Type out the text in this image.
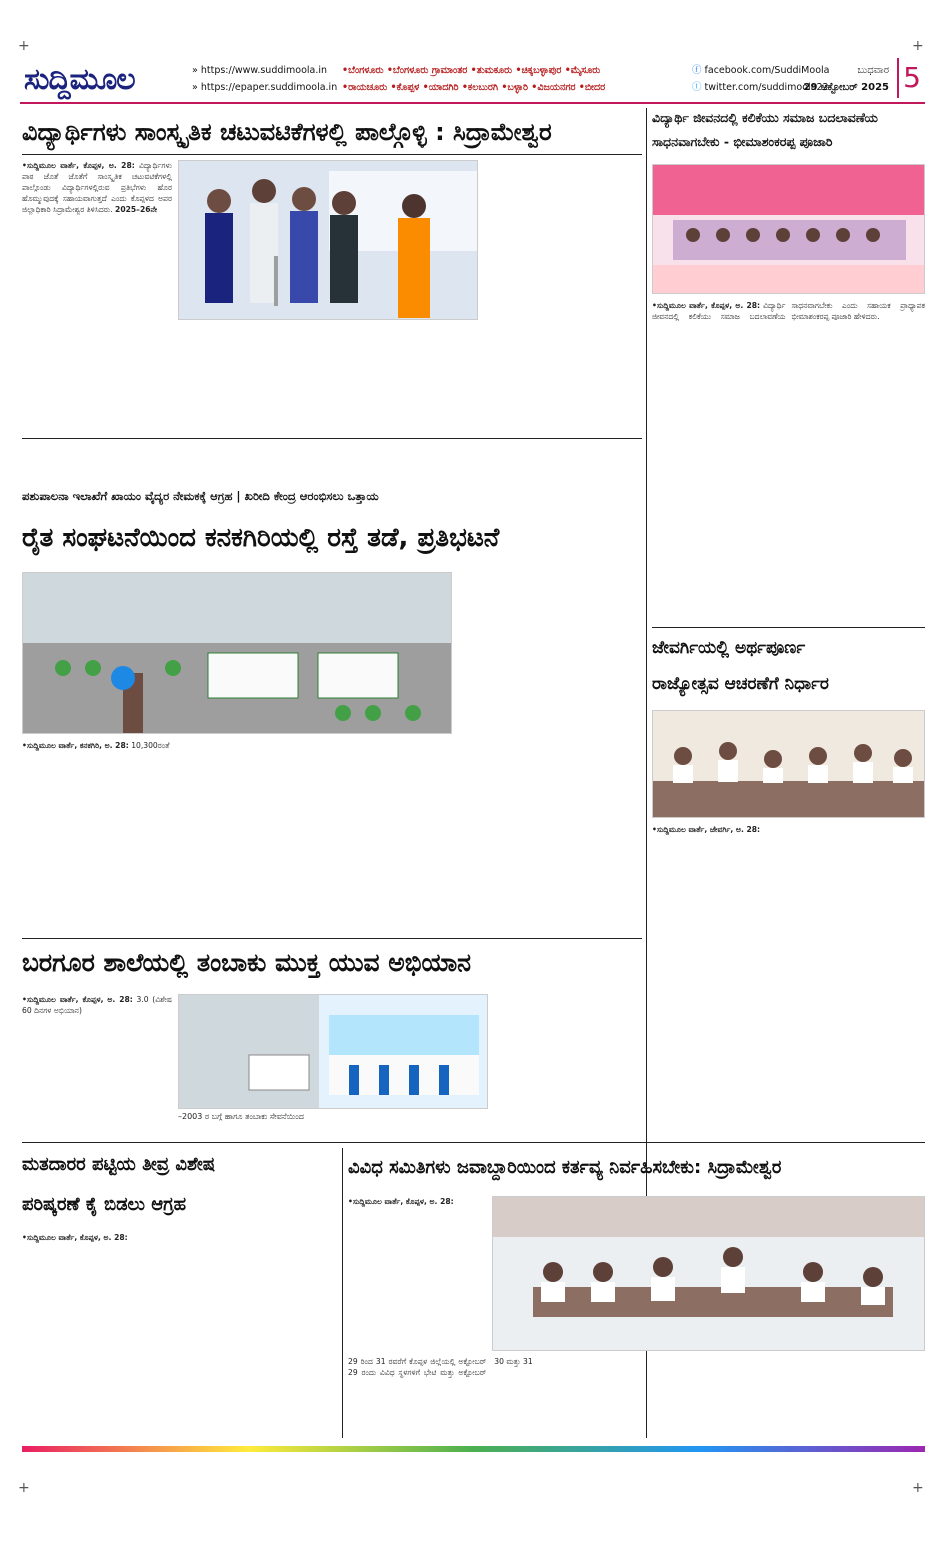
+	+
+	+
ಸುದ್ದಿಮೂಲ	» https://www.suddimoola.in
» https://epaper.suddimoola.in
•ಬೆಂಗಳೂರು •ಬೆಂಗಳೂರು ಗ್ರಾಮಾಂತರ •ತುಮಕೂರು •ಚಿಕ್ಕಬಳ್ಳಾಪುರ •ಮೈಸೂರು
•ರಾಯಚೂರು •ಕೊಪ್ಪಳ •ಯಾದಗಿರಿ •ಕಲಬುರಗಿ •ಬಳ್ಳಾರಿ •ವಿಜಯನಗರ •ಬೀದರ
ⓕ facebook.com/SuddiMoola
ⓣ twitter.com/suddimoola22
ಬುಧವಾರ
29 ಅಕ್ಟೋಬರ್ 2025 5
ವಿದ್ಯಾರ್ಥಿಗಳು ಸಾಂಸ್ಕೃತಿಕ ಚಟುವಟಿಕೆಗಳಲ್ಲಿ ಪಾಲ್ಗೊಳ್ಳಿ : ಸಿದ್ರಾಮೇಶ್ವರ
•ಸುದ್ದಿಮೂಲ ವಾರ್ತೆ, ಕೊಪ್ಪಳ, ಅ. 28: ವಿದ್ಯಾರ್ಥಿಗಳು ಪಾಠ ಜೊತೆ ಜೊತೆಗೆ ಸಾಂಸ್ಕೃತಿಕ ಚಟುವಟಿಕೆಗಳಲ್ಲಿ ಪಾಲ್ಗೊಂಡು ವಿದ್ಯಾರ್ಥಿಗಳಲ್ಲಿರುವ ಪ್ರತಿಭೆಗಳು ಹೊರ ಹೊಮ್ಮುವುದಕ್ಕೆ ಸಹಾಯವಾಗುತ್ತದೆ ಎಂದು ಕೊಪ್ಪಳದ ಅಪರ ಜಿಲ್ಲಾಧಿಕಾರಿ ಸಿದ್ರಾಮೇಶ್ವರ ತಿಳಿಸಿದರು. 2025–26ನೇ
ವಿದ್ಯಾರ್ಥಿ ಜೀವನದಲ್ಲಿ ಕಲಿಕೆಯು ಸಮಾಜ ಬದಲಾವಣೆಯ
ಸಾಧನವಾಗಬೇಕು - ಭೀಮಾಶಂಕರಪ್ಪ ಪೂಜಾರಿ
•ಸುದ್ದಿಮೂಲ ವಾರ್ತೆ, ಕೊಪ್ಪಳ, ಅ. 28: ವಿದ್ಯಾರ್ಥಿ ಜೀವನದಲ್ಲಿ ಕಲಿಕೆಯು ಸಮಾಜ ಬದಲಾವಣೆಯ ಸಾಧನವಾಗಬೇಕು ಎಂದು ಸಹಾಯಕ ಪ್ರಾಧ್ಯಾಪಕ ಭೀಮಾಶಂಕರಪ್ಪ ಪೂಜಾರಿ ಹೇಳಿದರು.
ಪಶುಪಾಲನಾ ಇಲಾಖೆಗೆ ಖಾಯಂ ವೈದ್ಯರ ನೇಮಕಕ್ಕೆ ಆಗ್ರಹ | ಖರೀದಿ ಕೇಂದ್ರ ಆರಂಭಿಸಲು ಒತ್ತಾಯ
ರೈತ ಸಂಘಟನೆಯಿಂದ ಕನಕಗಿರಿಯಲ್ಲಿ ರಸ್ತೆ ತಡೆ, ಪ್ರತಿಭಟನೆ
•ಸುದ್ದಿಮೂಲ ವಾರ್ತೆ, ಕನಕಗಿರಿ, ಅ. 28: 10,300ರಂತೆ
ಜೇವರ್ಗಿಯಲ್ಲಿ ಅರ್ಥಪೂರ್ಣ
ರಾಜ್ಯೋತ್ಸವ ಆಚರಣೆಗೆ ನಿರ್ಧಾರ
•ಸುದ್ದಿಮೂಲ ವಾರ್ತೆ, ಜೇವರ್ಗಿ, ಅ. 28:
ಬರಗೂರ ಶಾಲೆಯಲ್ಲಿ ತಂಬಾಕು ಮುಕ್ತ ಯುವ ಅಭಿಯಾನ
•ಸುದ್ದಿಮೂಲ ವಾರ್ತೆ, ಕೊಪ್ಪಳ, ಅ. 28: 3.0 (ವಿಶೇಷ 60 ದಿನಗಳ ಅಭಿಯಾನ)
–2003 ರ ಬಗ್ಗೆ ಹಾಗೂ ತಂಬಾಕು ಸೇವನೆಯಿಂದ
ಮತದಾರರ ಪಟ್ಟಿಯ ತೀವ್ರ ವಿಶೇಷ
ಪರಿಷ್ಕರಣೆ ಕೈ ಬಿಡಲು ಆಗ್ರಹ
•ಸುದ್ದಿಮೂಲ ವಾರ್ತೆ, ಕೊಪ್ಪಳ, ಅ. 28:
ವಿವಿಧ ಸಮಿತಿಗಳು ಜವಾಬ್ದಾರಿಯಿಂದ ಕರ್ತವ್ಯ ನಿರ್ವಹಿಸಬೇಕು: ಸಿದ್ರಾಮೇಶ್ವರ
•ಸುದ್ದಿಮೂಲ ವಾರ್ತೆ, ಕೊಪ್ಪಳ, ಅ. 28:
29 ರಿಂದ 31 ರವರೆಗೆ ಕೊಪ್ಪಳ ಜಿಲ್ಲೆಯಲ್ಲಿ ಅಕ್ಟೋಬರ್ 29 ರಂದು ವಿವಿಧ ಸ್ಥಳಗಳಿಗೆ ಭೇಟಿ ಮತ್ತು ಅಕ್ಟೋಬರ್ 30 ಮತ್ತು 31
